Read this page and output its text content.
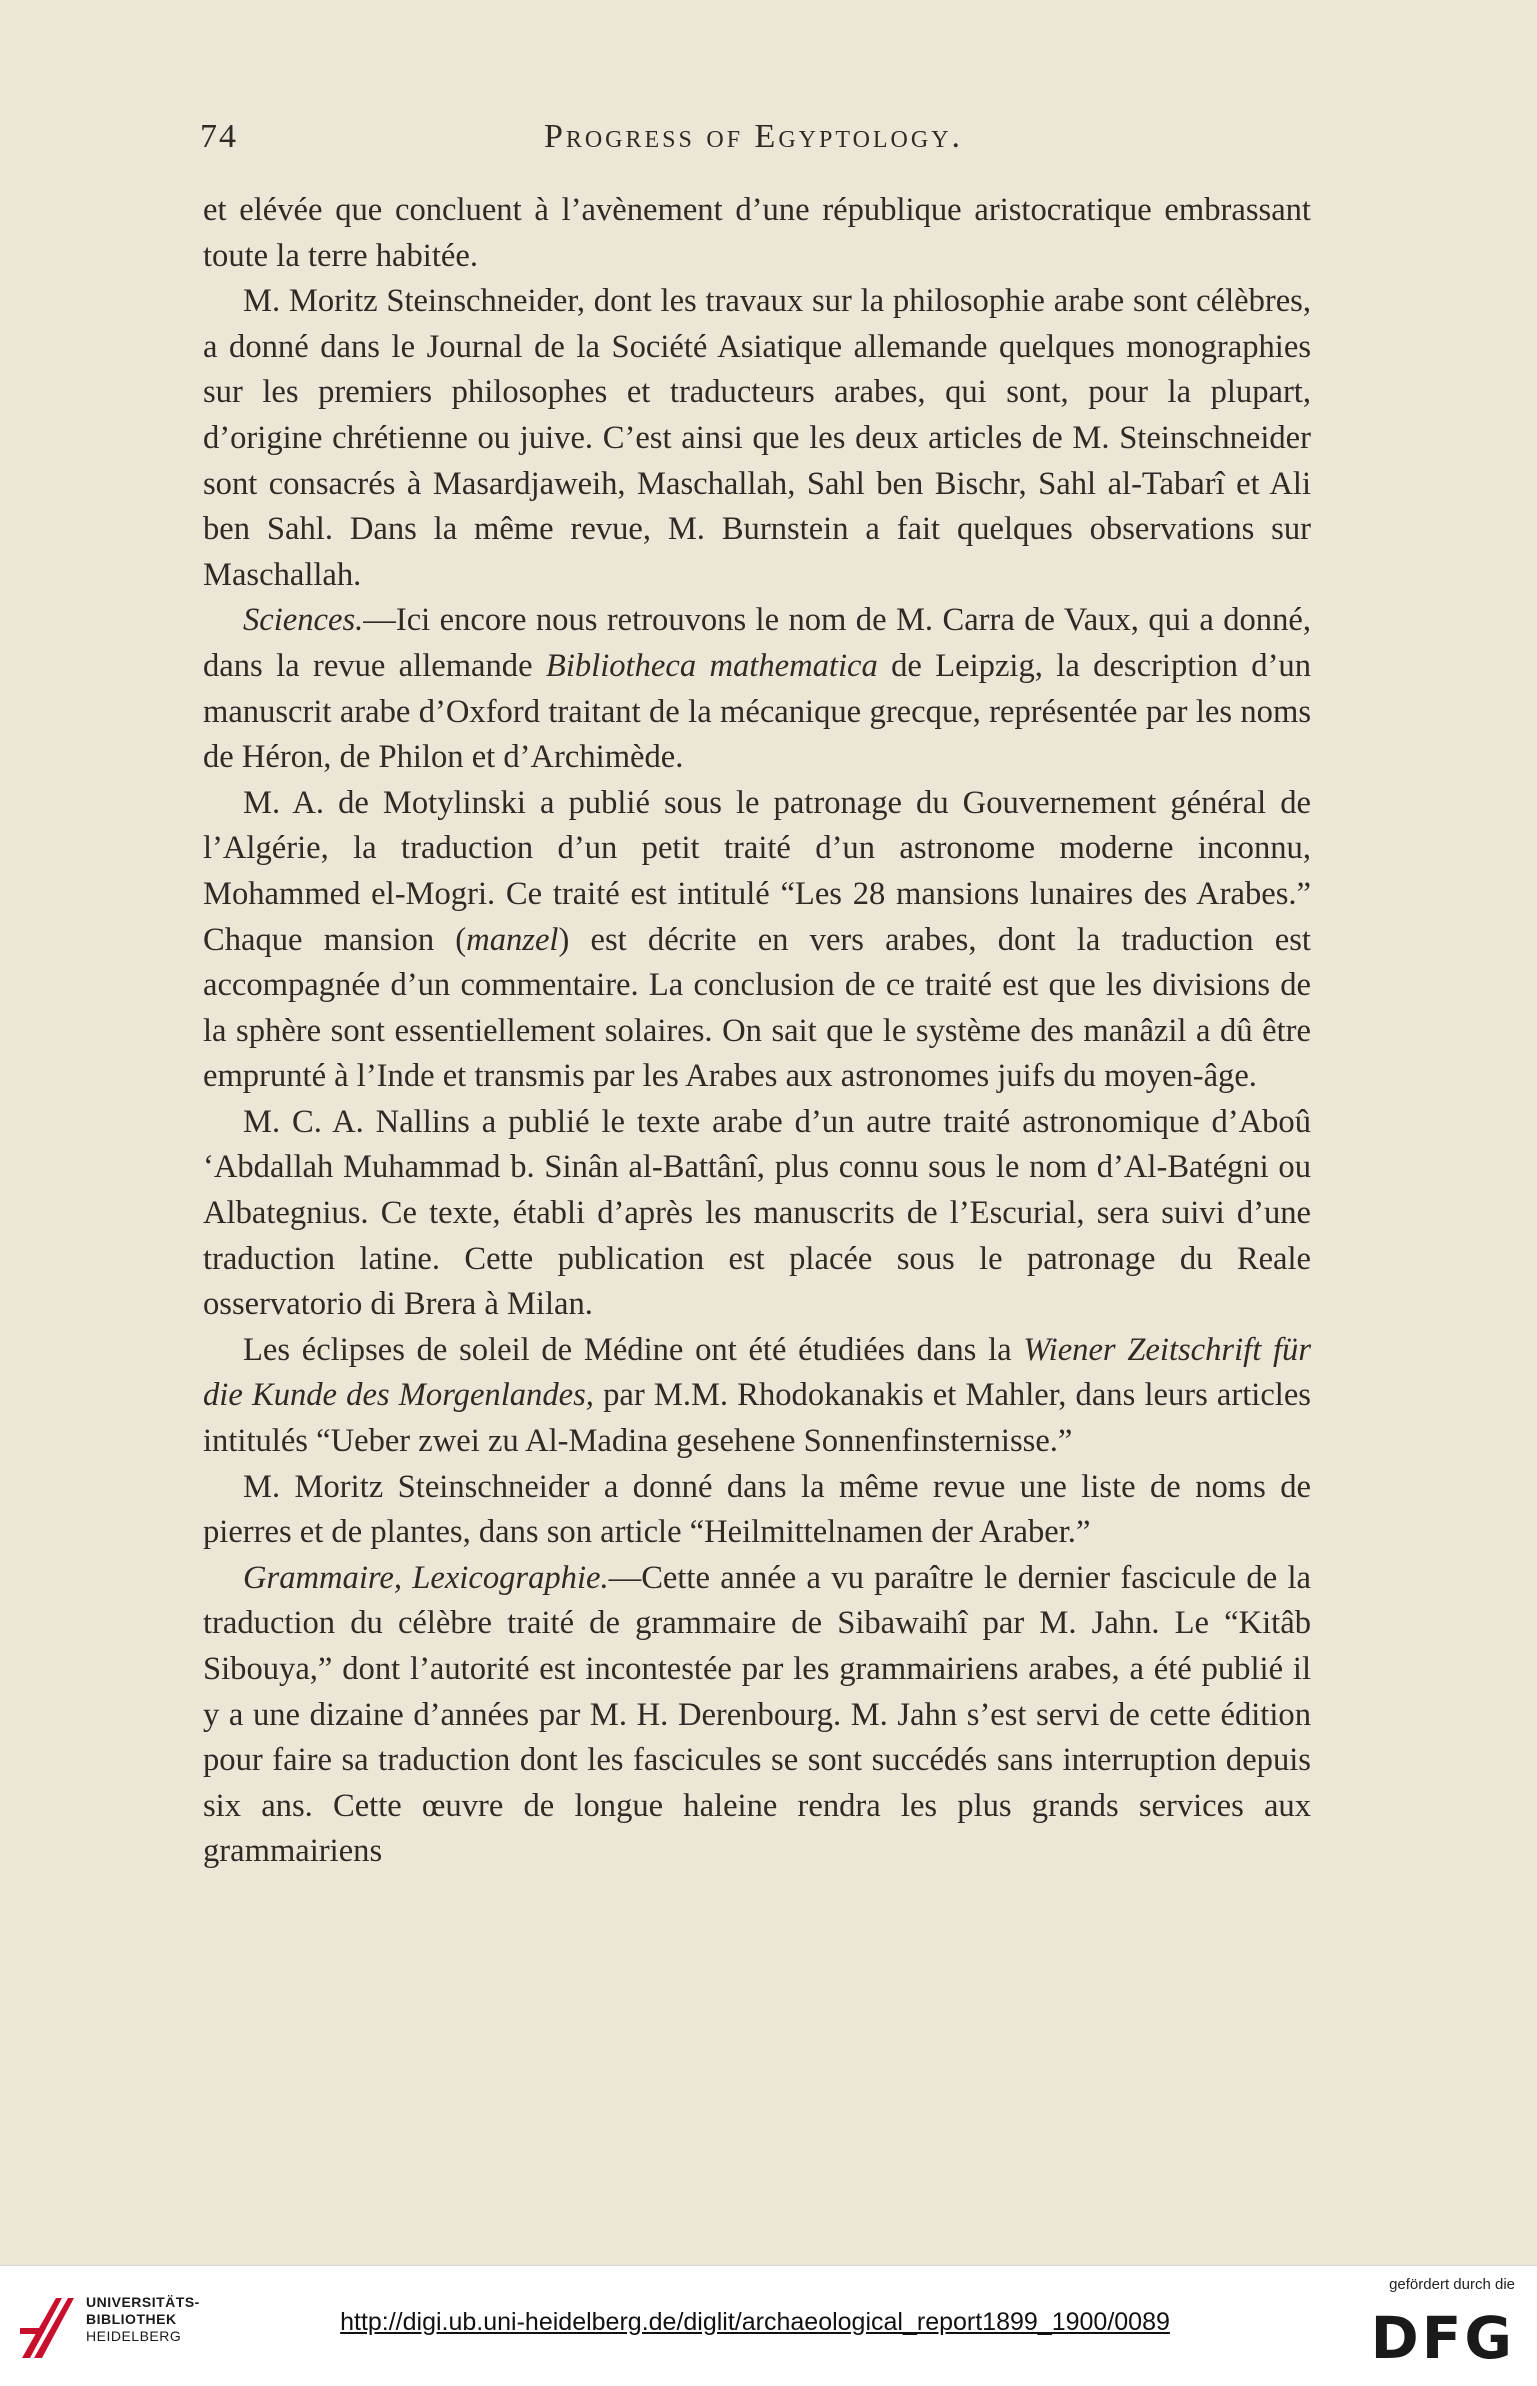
74	Progress of Egyptology.

et elévée que concluent à l’avènement d’une république aristocratique embrassant toute la terre habitée.

M. Moritz Steinschneider, dont les travaux sur la philosophie arabe sont célèbres, a donné dans le Journal de la Société Asiatique allemande quelques monographies sur les premiers philosophes et traducteurs arabes, qui sont, pour la plupart, d’origine chrétienne ou juive. C’est ainsi que les deux articles de M. Steinschneider sont consacrés à Masardjaweih, Maschallah, Sahl ben Bischr, Sahl al-Tabarî et Ali ben Sahl. Dans la même revue, M. Burnstein a fait quelques observations sur Maschallah.

Sciences.—Ici encore nous retrouvons le nom de M. Carra de Vaux, qui a donné, dans la revue allemande Bibliotheca mathematica de Leipzig, la description d’un manuscrit arabe d’Oxford traitant de la mécanique grecque, représentée par les noms de Héron, de Philon et d’Archimède.

M. A. de Motylinski a publié sous le patronage du Gouvernement général de l’Algérie, la traduction d’un petit traité d’un astronome moderne inconnu, Mohammed el-Mogri. Ce traité est intitulé “Les 28 mansions lunaires des Arabes.” Chaque mansion (manzel) est décrite en vers arabes, dont la traduction est accompagnée d’un commentaire. La conclusion de ce traité est que les divisions de la sphère sont essentiellement solaires. On sait que le système des manâzil a dû être emprunté à l’Inde et transmis par les Arabes aux astronomes juifs du moyen-âge.

M. C. A. Nallins a publié le texte arabe d’un autre traité astronomique d’Aboû ‘Abdallah Muhammad b. Sinân al-Battânî, plus connu sous le nom d’Al-Batégni ou Albategnius. Ce texte, établi d’après les manuscrits de l’Escurial, sera suivi d’une traduction latine. Cette publication est placée sous le patronage du Reale osservatorio di Brera à Milan.

Les éclipses de soleil de Médine ont été étudiées dans la Wiener Zeitschrift für die Kunde des Morgenlandes, par M.M. Rhodokanakis et Mahler, dans leurs articles intitulés “Ueber zwei zu Al-Madina gesehene Sonnenfinsternisse.”

M. Moritz Steinschneider a donné dans la même revue une liste de noms de pierres et de plantes, dans son article “Heilmittelnamen der Araber.”

Grammaire, Lexicographie.—Cette année a vu paraître le dernier fascicule de la traduction du célèbre traité de grammaire de Sibawaihî par M. Jahn. Le “Kitâb Sibouya,” dont l’autorité est incontestée par les grammairiens arabes, a été publié il y a une dizaine d’années par M. H. Derenbourg. M. Jahn s’est servi de cette édition pour faire sa traduction dont les fascicules se sont succédés sans interruption depuis six ans. Cette œuvre de longue haleine rendra les plus grands services aux grammairiens

UNIVERSITÄTS-
BIBLIOTHEK
HEIDELBERG	http://digi.ub.uni-heidelberg.de/diglit/archaeological_report1899_1900/0089
gefördert durch die
DFG
